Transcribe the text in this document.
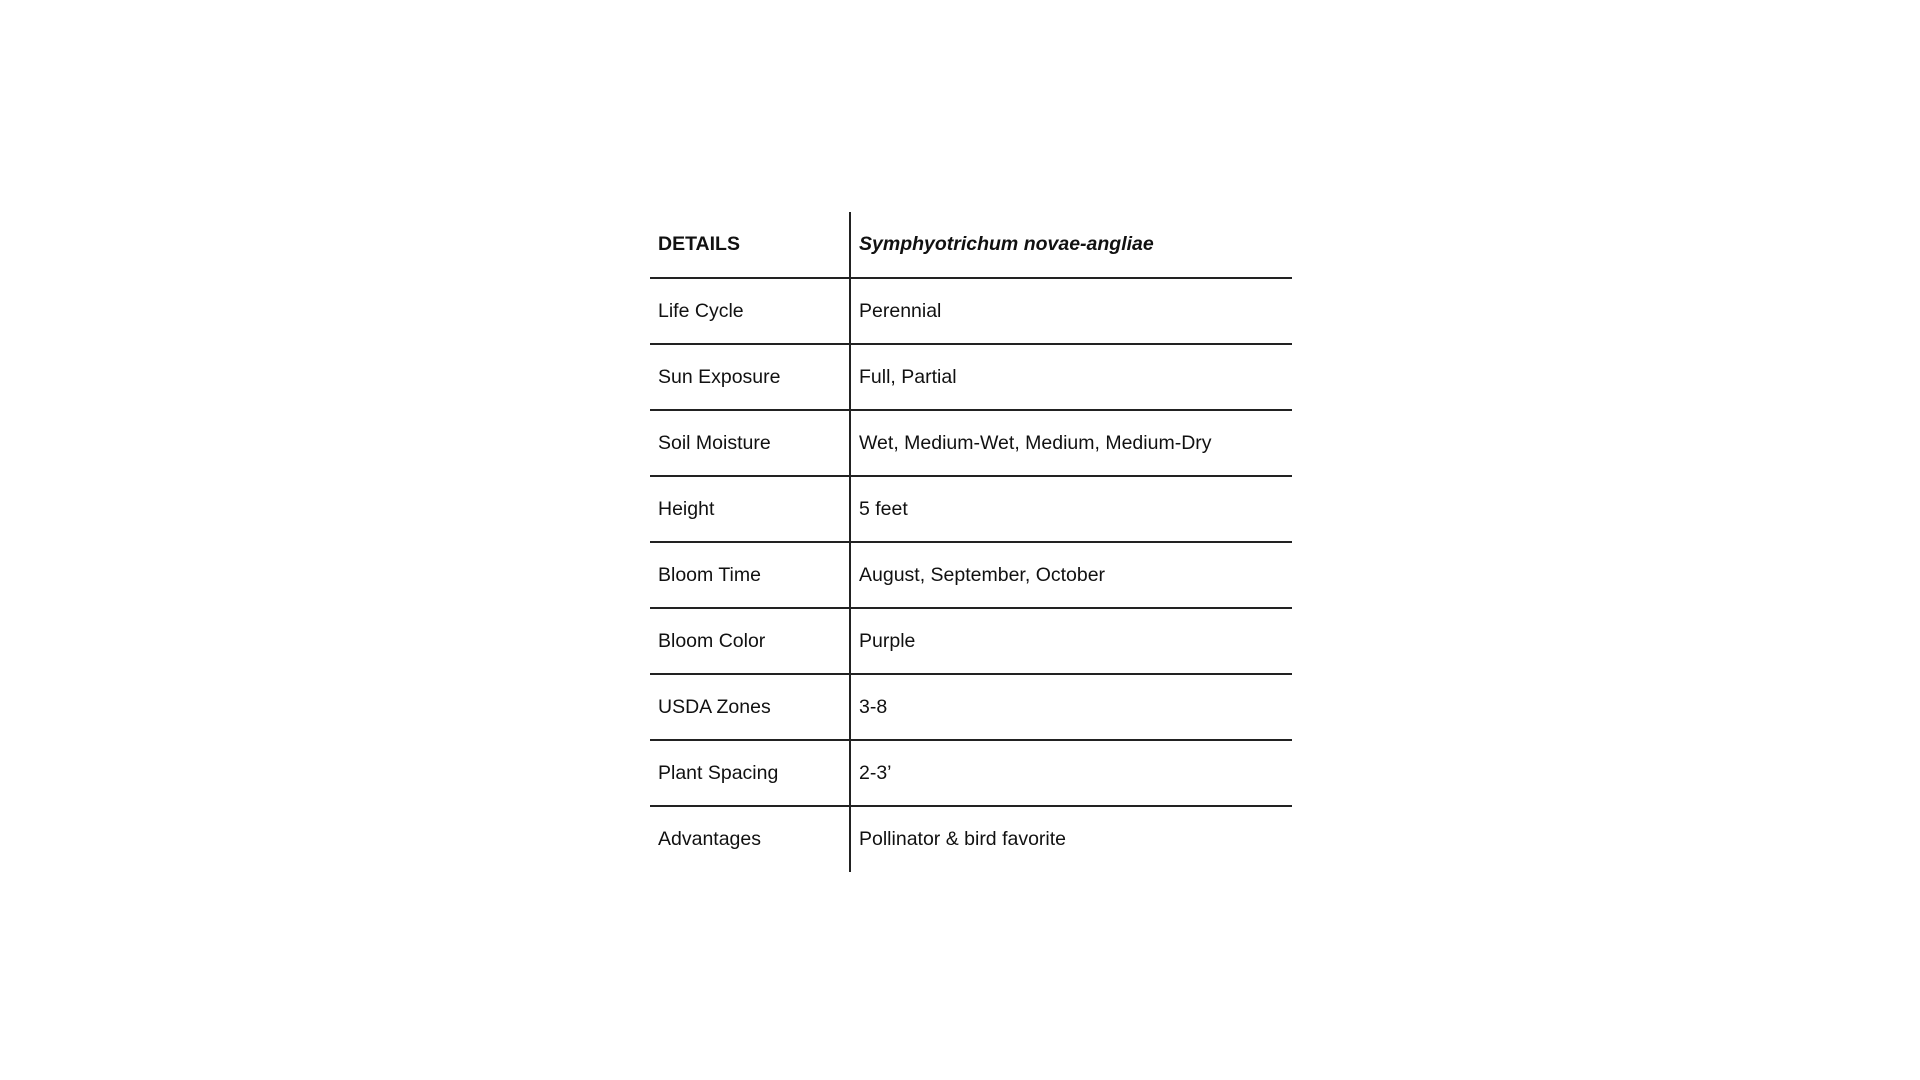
DETAILS	Symphyotrichum novae-angliae
Life Cycle	Perennial
Sun Exposure	Full, Partial
Soil Moisture	Wet, Medium-Wet, Medium, Medium-Dry
Height	5 feet
Bloom Time	August, September, October
Bloom Color	Purple
USDA Zones	3-8
Plant Spacing	2-3’
Advantages	Pollinator & bird favorite
